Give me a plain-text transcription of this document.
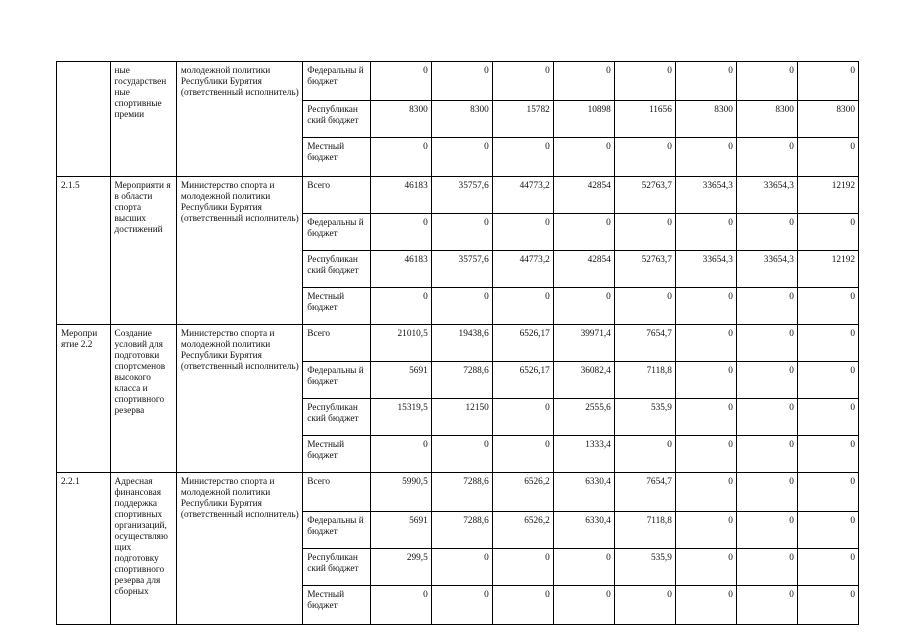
	ные государствен ные спортивные премии	молодежной политики Республики Бурятия (ответственный исполнитель)	Федеральны й бюджет	0	0	0	0	0	0	0	0
			Республикан ский бюджет	8300	8300	15782	10898	11656	8300	8300	8300
			Местный бюджет	0	0	0	0	0	0	0	0
2.1.5	Мероприяти я в области спорта высших достижений	Министерство спорта и молодежной политики Республики Бурятия (ответственный исполнитель)	Всего	46183	35757,6	44773,2	42854	52763,7	33654,3	33654,3	12192
			Федеральны й бюджет	0	0	0	0	0	0	0	0
			Республикан ский бюджет	46183	35757,6	44773,2	42854	52763,7	33654,3	33654,3	12192
			Местный бюджет	0	0	0	0	0	0	0	0
Меропри ятие 2.2	Создание условий для подготовки спортсменов высокого класса и спортивного резерва	Министерство спорта и молодежной политики Республики Бурятия (ответственный исполнитель)	Всего	21010,5	19438,6	6526,17	39971,4	7654,7	0	0	0
			Федеральны й бюджет	5691	7288,6	6526,17	36082,4	7118,8	0	0	0
			Республикан ский бюджет	15319,5	12150	0	2555,6	535,9	0	0	0
			Местный бюджет	0	0	0	1333,4	0	0	0	0
2.2.1	Адресная финансовая поддержка спортивных организаций, осуществляю щих подготовку спортивного резерва для сборных	Министерство спорта и молодежной политики Республики Бурятия (ответственный исполнитель)	Всего	5990,5	7288,6	6526,2	6330,4	7654,7	0	0	0
			Федеральны й бюджет	5691	7288,6	6526,2	6330,4	7118,8	0	0	0
			Республикан ский бюджет	299,5	0	0	0	535,9	0	0	0
			Местный бюджет	0	0	0	0	0	0	0	0
